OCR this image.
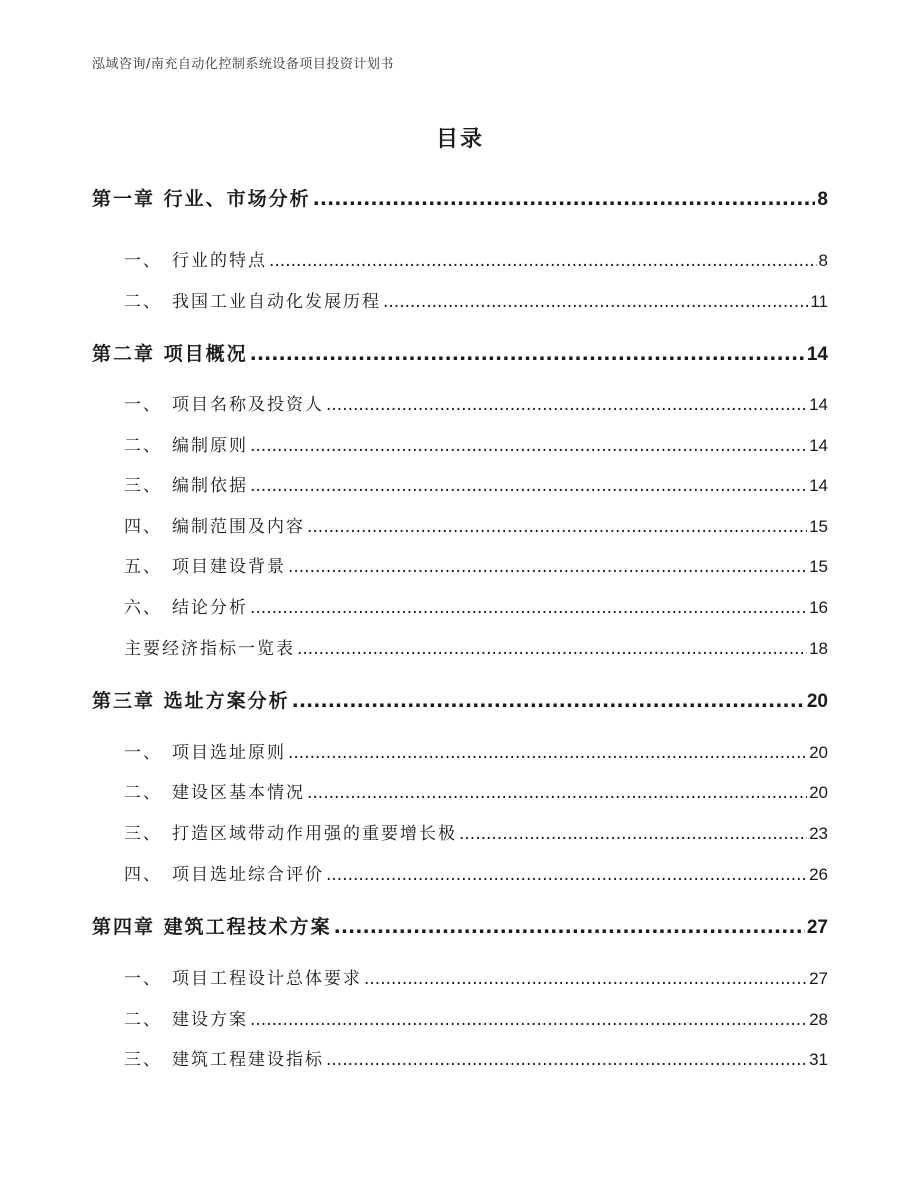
泓域咨询/南充自动化控制系统设备项目投资计划书
目录
第一章 行业、市场分析 .....	8
一、 行业的特点 .....	8
二、 我国工业自动化发展历程 .....	11
第二章 项目概况 .....	14
一、 项目名称及投资人 .....	14
二、 编制原则 .....	14
三、 编制依据 .....	14
四、 编制范围及内容 .....	15
五、 项目建设背景 .....	15
六、 结论分析 .....	16
主要经济指标一览表 .....	18
第三章 选址方案分析 .....	20
一、 项目选址原则 .....	20
二、 建设区基本情况 .....	20
三、 打造区域带动作用强的重要增长极 .....	23
四、 项目选址综合评价 .....	26
第四章 建筑工程技术方案 .....	27
一、 项目工程设计总体要求 .....	27
二、 建设方案 .....	28
三、 建筑工程建设指标 .....	31
